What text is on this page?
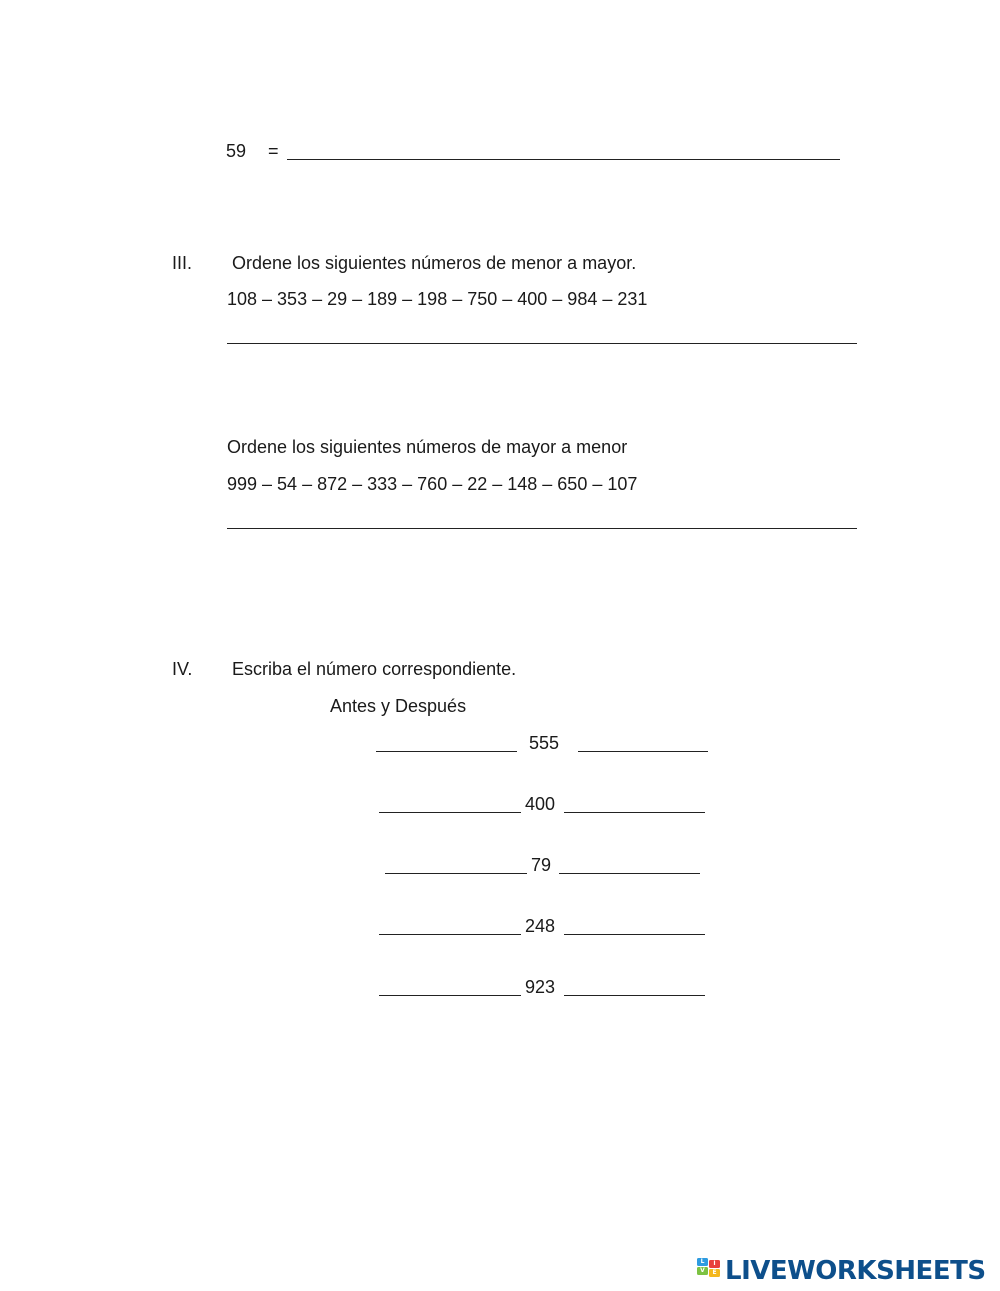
59 =
III. Ordene los siguientes números de menor a mayor.
108 – 353 – 29 – 189 – 198 – 750 – 400 – 984 – 231
Ordene los siguientes números de mayor a menor
999 – 54 – 872 – 333 – 760 – 22 – 148 – 650 – 107
IV. Escriba el número correspondiente.
Antes y Después
555
400
79
248
923
L	I
V	E LIVEWORKSHEETS
